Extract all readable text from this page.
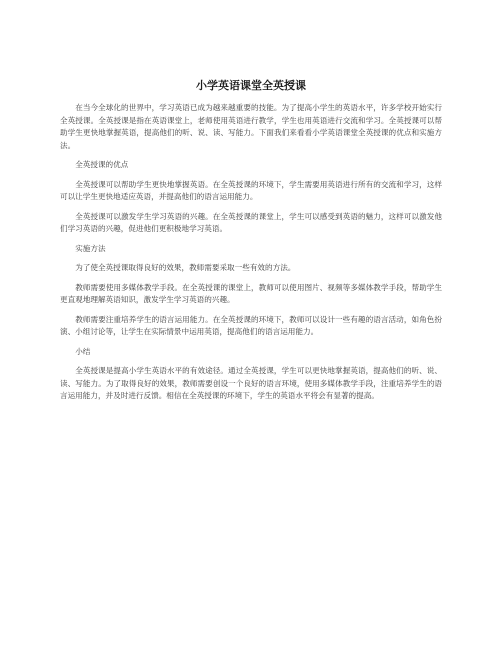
小学英语课堂全英授课

在当今全球化的世界中，学习英语已成为越来越重要的技能。为了提高小学生的英语水平，许多学校开始实行全英授课。全英授课是指在英语课堂上，老师使用英语进行教学，学生也用英语进行交流和学习。全英授课可以帮助学生更快地掌握英语，提高他们的听、说、读、写能力。下面我们来看看小学英语课堂全英授课的优点和实施方法。

全英授课的优点

全英授课可以帮助学生更快地掌握英语。在全英授课的环境下，学生需要用英语进行所有的交流和学习，这样可以让学生更快地适应英语，并提高他们的语言运用能力。

全英授课可以激发学生学习英语的兴趣。在全英授课的课堂上，学生可以感受到英语的魅力，这样可以激发他们学习英语的兴趣，促进他们更积极地学习英语。

实施方法

为了使全英授课取得良好的效果，教师需要采取一些有效的方法。

教师需要使用多媒体教学手段。在全英授课的课堂上，教师可以使用图片、视频等多媒体教学手段，帮助学生更直观地理解英语知识，激发学生学习英语的兴趣。

教师需要注重培养学生的语言运用能力。在全英授课的环境下，教师可以设计一些有趣的语言活动，如角色扮演、小组讨论等，让学生在实际情景中运用英语，提高他们的语言运用能力。

小结

全英授课是提高小学生英语水平的有效途径。通过全英授课，学生可以更快地掌握英语，提高他们的听、说、读、写能力。为了取得良好的效果，教师需要创设一个良好的语言环境，使用多媒体教学手段，注重培养学生的语言运用能力，并及时进行反馈。相信在全英授课的环境下，学生的英语水平将会有显著的提高。
